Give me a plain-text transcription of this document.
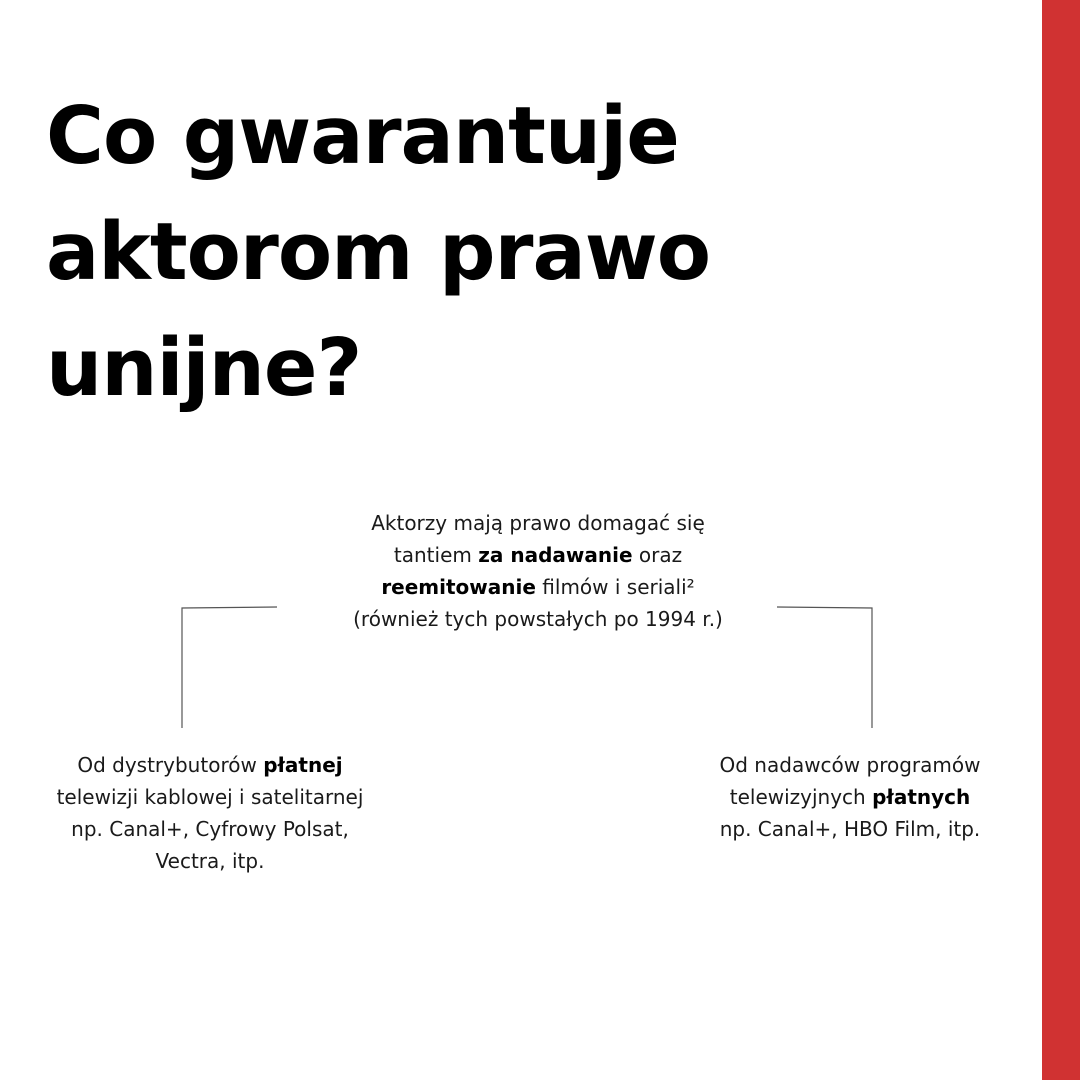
Co gwarantuje
aktorom prawo
unijne?
Aktorzy mają prawo domagać się
tantiem za nadawanie oraz
reemitowanie filmów i seriali²
(również tych powstałych po 1994 r.)
Od dystrybutorów płatnej
telewizji kablowej i satelitarnej
np. Canal+, Cyfrowy Polsat,
Vectra, itp.
Od nadawców programów
telewizyjnych płatnych
np. Canal+, HBO Film, itp.
